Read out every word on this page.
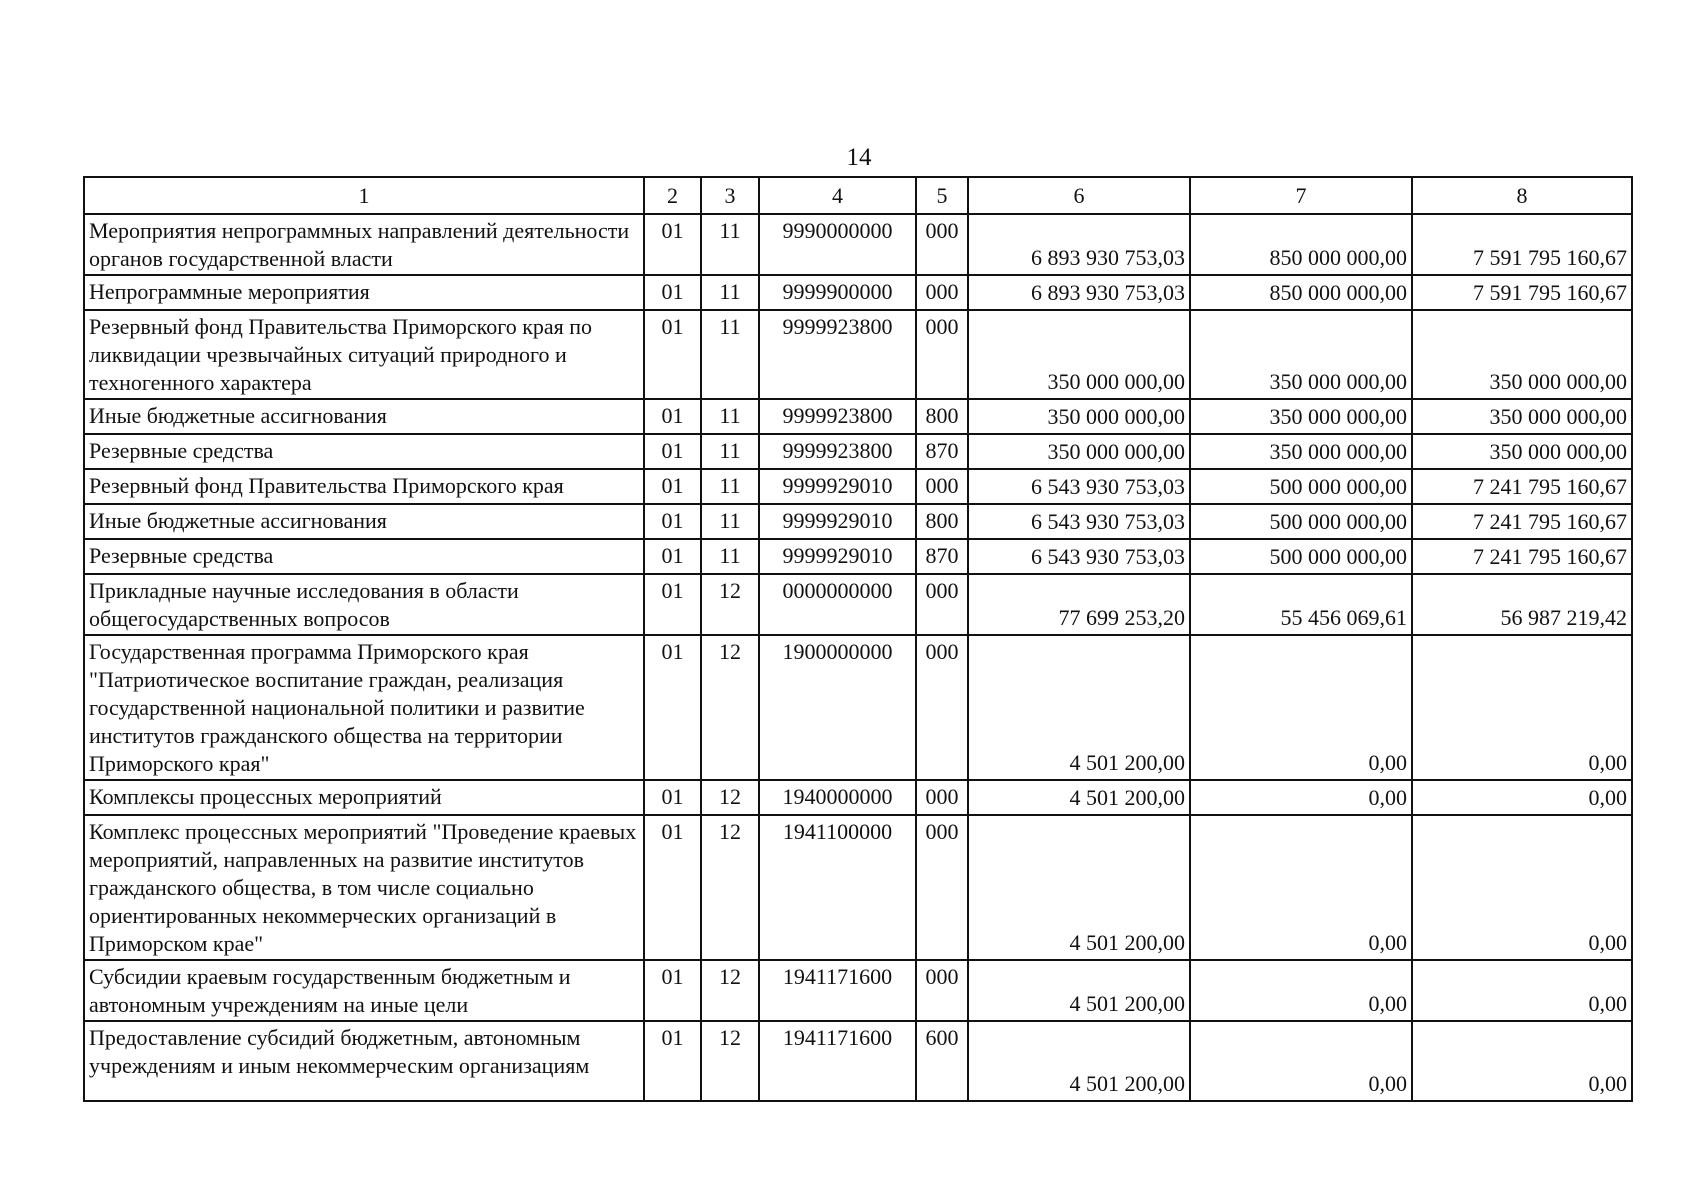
14
1	2	3	4	5	6	7	8
Мероприятия непрограммных направлений деятельности органов государственной власти	01	11	9990000000	000	6 893 930 753,03	850 000 000,00	7 591 795 160,67
Непрограммные мероприятия	01	11	9999900000	000	6 893 930 753,03	850 000 000,00	7 591 795 160,67
Резервный фонд Правительства Приморского края по ликвидации чрезвычайных ситуаций природного и техногенного характера	01	11	9999923800	000	350 000 000,00	350 000 000,00	350 000 000,00
Иные бюджетные ассигнования	01	11	9999923800	800	350 000 000,00	350 000 000,00	350 000 000,00
Резервные средства	01	11	9999923800	870	350 000 000,00	350 000 000,00	350 000 000,00
Резервный фонд Правительства Приморского края	01	11	9999929010	000	6 543 930 753,03	500 000 000,00	7 241 795 160,67
Иные бюджетные ассигнования	01	11	9999929010	800	6 543 930 753,03	500 000 000,00	7 241 795 160,67
Резервные средства	01	11	9999929010	870	6 543 930 753,03	500 000 000,00	7 241 795 160,67
Прикладные научные исследования в области общегосударственных вопросов	01	12	0000000000	000	77 699 253,20	55 456 069,61	56 987 219,42
Государственная программа Приморского края "Патриотическое воспитание граждан, реализация государственной национальной политики и развитие институтов гражданского общества на территории Приморского края"	01	12	1900000000	000	4 501 200,00	0,00	0,00
Комплексы процессных мероприятий	01	12	1940000000	000	4 501 200,00	0,00	0,00
Комплекс процессных мероприятий "Проведение краевых мероприятий, направленных на развитие институтов гражданского общества, в том числе социально ориентированных некоммерческих организаций в Приморском крае"	01	12	1941100000	000	4 501 200,00	0,00	0,00
Субсидии краевым государственным бюджетным и автономным учреждениям на иные цели	01	12	1941171600	000	4 501 200,00	0,00	0,00
Предоставление субсидий бюджетным, автономным учреждениям и иным некоммерческим организациям	01	12	1941171600	600	4 501 200,00	0,00	0,00
